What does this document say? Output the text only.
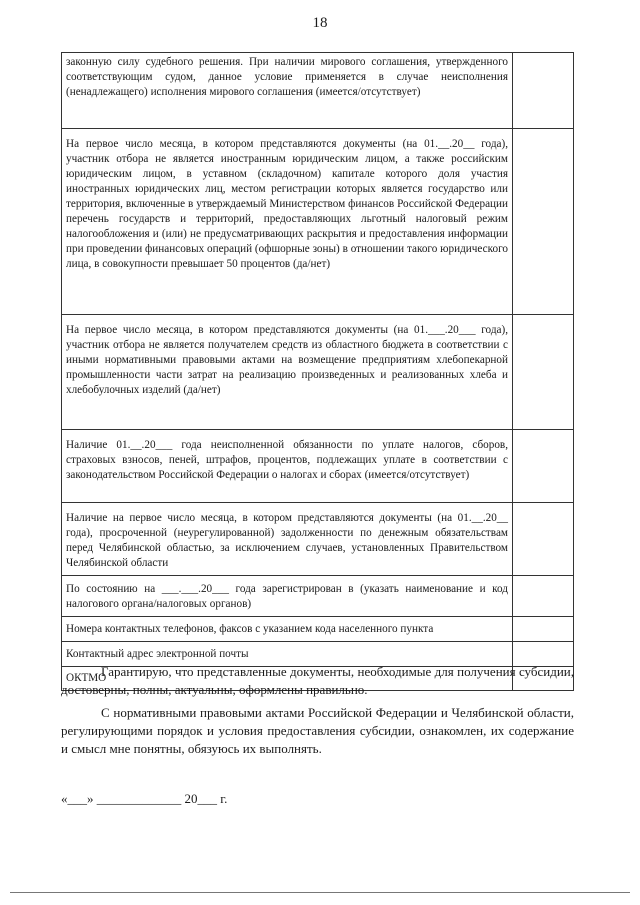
18
законную силу судебного решения. При наличии мирового соглашения, утвержденного соответствующим судом, данное условие применяется в случае неисполнения (ненадлежащего) исполнения мирового соглашения (имеется/отсутствует)	
На первое число месяца, в котором представляются документы (на 01.__.20__ года), участник отбора не является иностранным юридическим лицом, а также российским юридическим лицом, в уставном (складочном) капитале которого доля участия иностранных юридических лиц, местом регистрации которых является государство или территория, включенные в утверждаемый Министерством финансов Российской Федерации перечень государств и территорий, предоставляющих льготный налоговый режим налогообложения и (или) не предусматривающих раскрытия и предоставления информации при проведении финансовых операций (офшорные зоны) в отношении такого юридического лица, в совокупности превышает 50 процентов (да/нет)	
На первое число месяца, в котором представляются документы (на 01.___.20___ года), участник отбора не является получателем средств из областного бюджета в соответствии с иными нормативными правовыми актами на возмещение предприятиям хлебопекарной промышленности части затрат на реализацию произведенных и реализованных хлеба и хлебобулочных изделий (да/нет)	
Наличие 01.__.20___ года неисполненной обязанности по уплате налогов, сборов, страховых взносов, пеней, штрафов, процентов, подлежащих уплате в соответствии с законодательством Российской Федерации о налогах и сборах (имеется/отсутствует)	
Наличие на первое число месяца, в котором представляются документы (на 01.__.20__ года), просроченной (неурегулированной) задолженности по денежным обязательствам перед Челябинской областью, за исключением случаев, установленных Правительством Челябинской области	
По состоянию на ___.___.20___ года зарегистрирован в (указать наименование и код налогового органа/налоговых органов)	
Номера контактных телефонов, факсов с указанием кода населенного пункта	
Контактный адрес электронной почты	
ОКТМО	
Гарантирую, что представленные документы, необходимые для получения субсидии, достоверны, полны, актуальны, оформлены правильно.
С нормативными правовыми актами Российской Федерации и Челябинской области, регулирующими порядок и условия предоставления субсидии, ознакомлен, их содержание и смысл мне понятны, обязуюсь их выполнять.
«___» _____________ 20___ г.
